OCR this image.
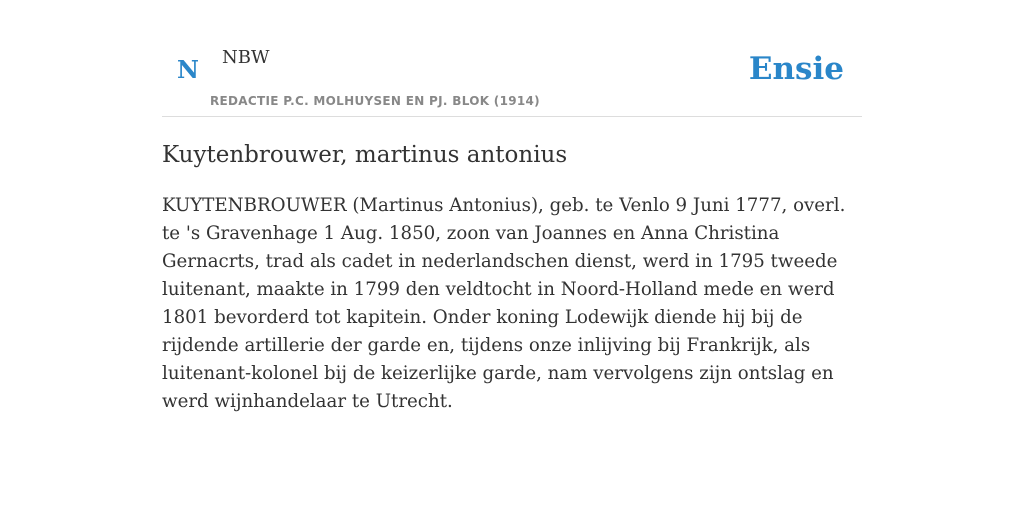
N NBW
REDACTIE P.C. MOLHUYSEN EN PJ. BLOK (1914)
Ensie
Kuytenbrouwer, martinus antonius

KUYTENBROUWER (Martinus Antonius), geb. te Venlo 9 Juni 1777, overl. te 's Gravenhage 1 Aug. 1850, zoon van Joannes en Anna Christina Gernacrts, trad als cadet in nederlandschen dienst, werd in 1795 tweede luitenant, maakte in 1799 den veldtocht in Noord-Holland mede en werd 1801 bevorderd tot kapitein. Onder koning Lodewijk diende hij bij de rijdende artillerie der garde en, tijdens onze inlijving bij Frankrijk, als luitenant-kolonel bij de keizerlijke garde, nam vervolgens zijn ontslag en werd wijnhandelaar te Utrecht.
